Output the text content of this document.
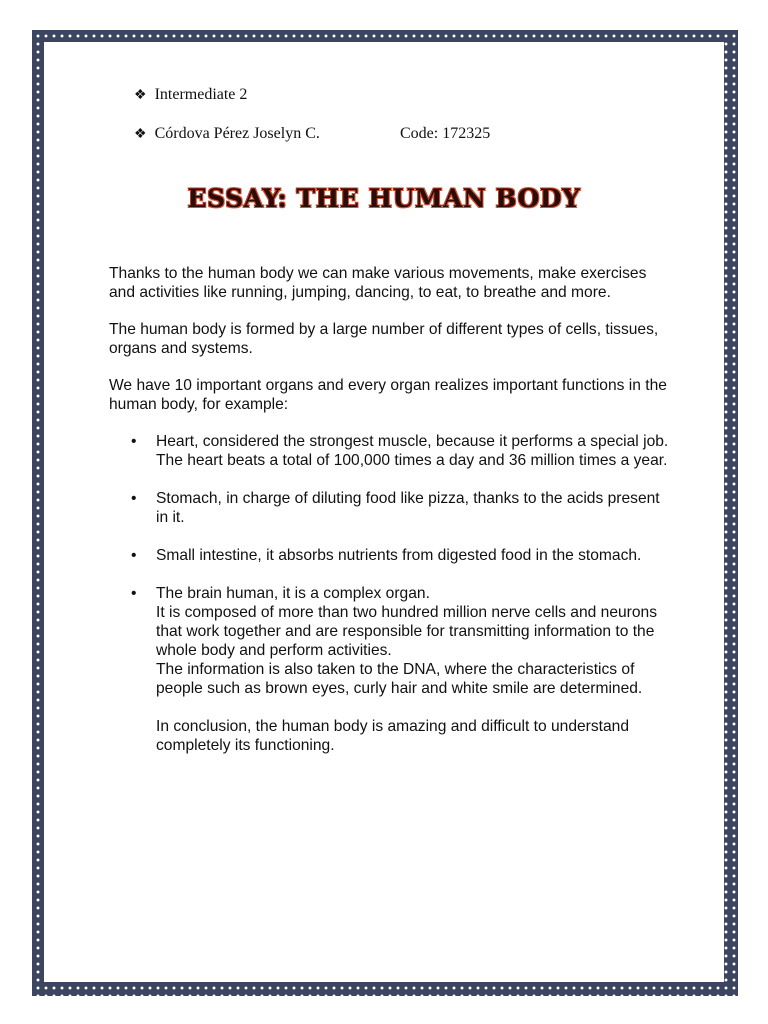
❖ Intermediate 2
❖ Córdova Pérez Joselyn C.	Code: 172325
ESSAY: THE HUMAN BODY

Thanks to the human body we can make various movements, make exercises and activities like running, jumping, dancing, to eat, to breathe and more.

The human body is formed by a large number of different types of cells, tissues, organs and systems.

We have 10 important organs and every organ realizes important functions in the human body, for example:

• Heart, considered the strongest muscle, because it performs a special job.
The heart beats a total of 100,000 times a day and 36 million times a year.
• Stomach, in charge of diluting food like pizza, thanks to the acids present in it.
• Small intestine, it absorbs nutrients from digested food in the stomach.
• The brain human, it is a complex organ.
It is composed of more than two hundred million nerve cells and neurons that work together and are responsible for transmitting information to the whole body and perform activities.
The information is also taken to the DNA, where the characteristics of people such as brown eyes, curly hair and white smile are determined.

In conclusion, the human body is amazing and difficult to understand completely its functioning.
